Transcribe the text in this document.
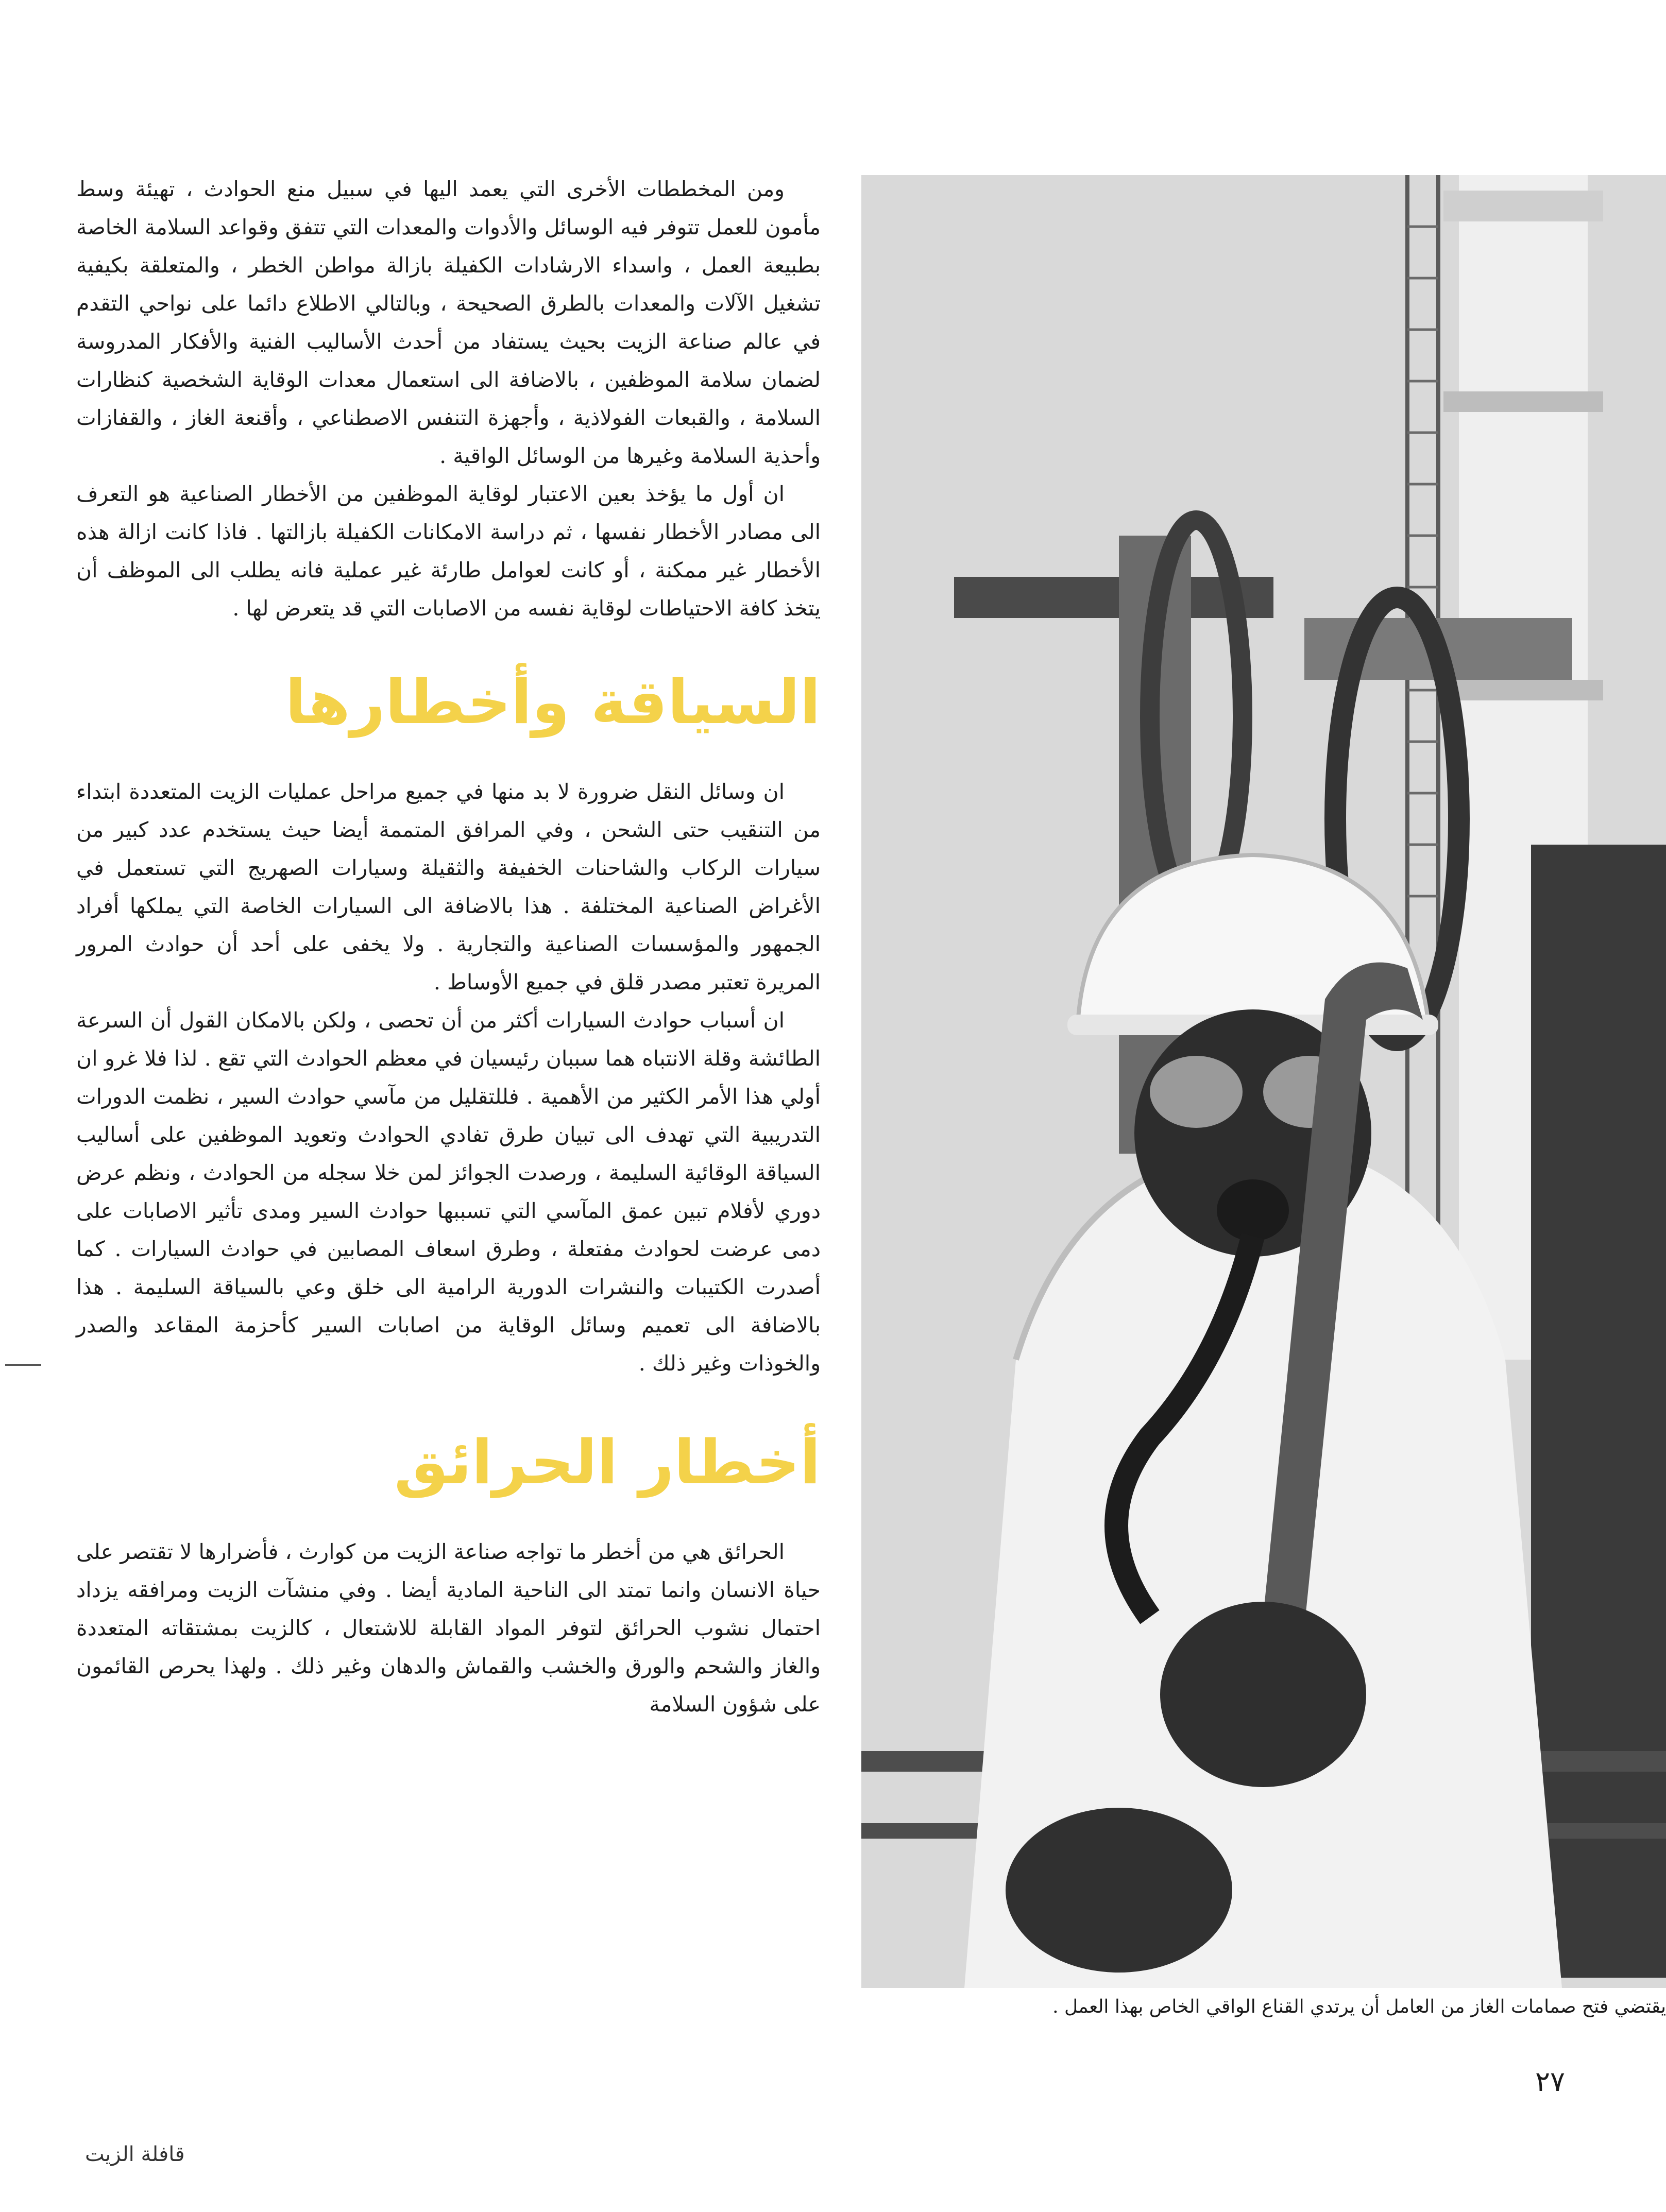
ومن المخططات الأخرى التي يعمد اليها في سبيل منع الحوادث ، تهيئة وسط مأمون للعمل تتوفر فيه الوسائل والأدوات والمعدات التي تتفق وقواعد السلامة الخاصة بطبيعة العمل ، واسداء الارشادات الكفيلة بازالة مواطن الخطر ، والمتعلقة بكيفية تشغيل الآلات والمعدات بالطرق الصحيحة ، وبالتالي الاطلاع دائما على نواحي التقدم في عالم صناعة الزيت بحيث يستفاد من أحدث الأساليب الفنية والأفكار المدروسة لضمان سلامة الموظفين ، بالاضافة الى استعمال معدات الوقاية الشخصية كنظارات السلامة ، والقبعات الفولاذية ، وأجهزة التنفس الاصطناعي ، وأقنعة الغاز ، والقفازات وأحذية السلامة وغيرها من الوسائل الواقية .

ان أول ما يؤخذ بعين الاعتبار لوقاية الموظفين من الأخطار الصناعية هو التعرف الى مصادر الأخطار نفسها ، ثم دراسة الامكانات الكفيلة بازالتها . فاذا كانت ازالة هذه الأخطار غير ممكنة ، أو كانت لعوامل طارئة غير عملية فانه يطلب الى الموظف أن يتخذ كافة الاحتياطات لوقاية نفسه من الاصابات التي قد يتعرض لها .

السياقة وأخطارها

ان وسائل النقل ضرورة لا بد منها في جميع مراحل عمليات الزيت المتعددة ابتداء من التنقيب حتى الشحن ، وفي المرافق المتممة أيضا حيث يستخدم عدد كبير من سيارات الركاب والشاحنات الخفيفة والثقيلة وسيارات الصهريج التي تستعمل في الأغراض الصناعية المختلفة . هذا بالاضافة الى السيارات الخاصة التي يملكها أفراد الجمهور والمؤسسات الصناعية والتجارية . ولا يخفى على أحد أن حوادث المرور المريرة تعتبر مصدر قلق في جميع الأوساط .

ان أسباب حوادث السيارات أكثر من أن تحصى ، ولكن بالامكان القول أن السرعة الطائشة وقلة الانتباه هما سببان رئيسيان في معظم الحوادث التي تقع . لذا فلا غرو ان أولي هذا الأمر الكثير من الأهمية . فللتقليل من مآسي حوادث السير ، نظمت الدورات التدريبية التي تهدف الى تبيان طرق تفادي الحوادث وتعويد الموظفين على أساليب السياقة الوقائية السليمة ، ورصدت الجوائز لمن خلا سجله من الحوادث ، ونظم عرض دوري لأفلام تبين عمق المآسي التي تسببها حوادث السير ومدى تأثير الاصابات على دمى عرضت لحوادث مفتعلة ، وطرق اسعاف المصابين في حوادث السيارات . كما أصدرت الكتيبات والنشرات الدورية الرامية الى خلق وعي بالسياقة السليمة . هذا بالاضافة الى تعميم وسائل الوقاية من اصابات السير كأحزمة المقاعد والصدر والخوذات وغير ذلك .

أخطار الحرائق

الحرائق هي من أخطر ما تواجه صناعة الزيت من كوارث ، فأضرارها لا تقتصر على حياة الانسان وانما تمتد الى الناحية المادية أيضا . وفي منشآت الزيت ومرافقه يزداد احتمال نشوب الحرائق لتوفر المواد القابلة للاشتعال ، كالزيت بمشتقاته المتعددة والغاز والشحم والورق والخشب والقماش والدهان وغير ذلك . ولهذا يحرص القائمون على شؤون السلامة

يقتضي فتح صمامات الغاز من العامل أن يرتدي القناع الواقي الخاص بهذا العمل .
٢٧
قافلة الزيت
